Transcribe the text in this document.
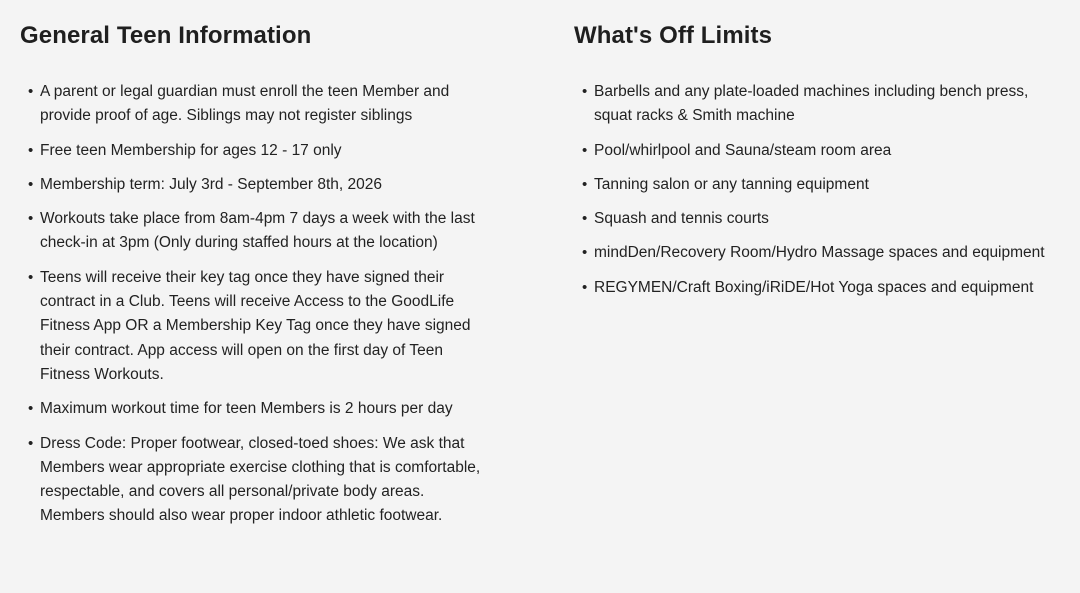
General Teen Information
• A parent or legal guardian must enroll the teen Member and provide proof of age. Siblings may not register siblings
• Free teen Membership for ages 12 - 17 only
• Membership term: July 3rd - September 8th, 2026
• Workouts take place from 8am-4pm 7 days a week with the last check-in at 3pm (Only during staffed hours at the location)
• Teens will receive their key tag once they have signed their contract in a Club. Teens will receive Access to the GoodLife Fitness App OR a Membership Key Tag once they have signed their contract. App access will open on the first day of Teen Fitness Workouts.
• Maximum workout time for teen Members is 2 hours per day
• Dress Code: Proper footwear, closed-toed shoes: We ask that Members wear appropriate exercise clothing that is comfortable, respectable, and covers all personal/private body areas. Members should also wear proper indoor athletic footwear.
What's Off Limits
• Barbells and any plate-loaded machines including bench press, squat racks & Smith machine
• Pool/whirlpool and Sauna/steam room area
• Tanning salon or any tanning equipment
• Squash and tennis courts
• mindDen/Recovery Room/Hydro Massage spaces and equipment
• REGYMEN/Craft Boxing/iRiDE/Hot Yoga spaces and equipment
